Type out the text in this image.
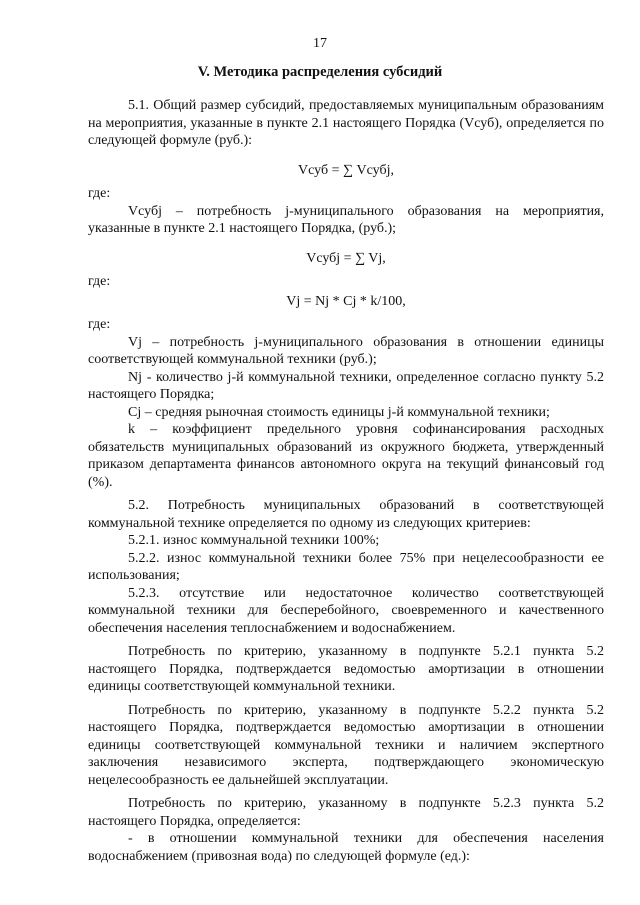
17
V. Методика распределения субсидий

5.1. Общий размер субсидий, предоставляемых муниципальным образованиям на мероприятия, указанные в пункте 2.1 настоящего Порядка (Vсуб), определяется по следующей формуле (руб.):

Vсуб = ∑ Vсубj,

где:

Vсубj – потребность j-муниципального образования на мероприятия, указанные в пункте 2.1 настоящего Порядка, (руб.);

Vсубj = ∑ Vj,

где:

Vj = Nj * Cj * k/100,

где:

Vj – потребность j-муниципального образования в отношении единицы соответствующей коммунальной техники (руб.);

Nj - количество j-й коммунальной техники, определенное согласно пункту 5.2 настоящего Порядка;

Cj – средняя рыночная стоимость единицы j-й коммунальной техники;

k – коэффициент предельного уровня софинансирования расходных обязательств муниципальных образований из окружного бюджета, утвержденный приказом департамента финансов автономного округа на текущий финансовый год (%).

5.2. Потребность муниципальных образований в соответствующей коммунальной технике определяется по одному из следующих критериев:

5.2.1. износ коммунальной техники 100%;

5.2.2. износ коммунальной техники более 75% при нецелесообразности ее использования;

5.2.3. отсутствие или недостаточное количество соответствующей коммунальной техники для бесперебойного, своевременного и качественного обеспечения населения теплоснабжением и водоснабжением.

Потребность по критерию, указанному в подпункте 5.2.1 пункта 5.2 настоящего Порядка, подтверждается ведомостью амортизации в отношении единицы соответствующей коммунальной техники.

Потребность по критерию, указанному в подпункте 5.2.2 пункта 5.2 настоящего Порядка, подтверждается ведомостью амортизации в отношении единицы соответствующей коммунальной техники и наличием экспертного заключения независимого эксперта, подтверждающего экономическую нецелесообразность ее дальнейшей эксплуатации.

Потребность по критерию, указанному в подпункте 5.2.3 пункта 5.2 настоящего Порядка, определяется:

- в отношении коммунальной техники для обеспечения населения водоснабжением (привозная вода) по следующей формуле (ед.):
